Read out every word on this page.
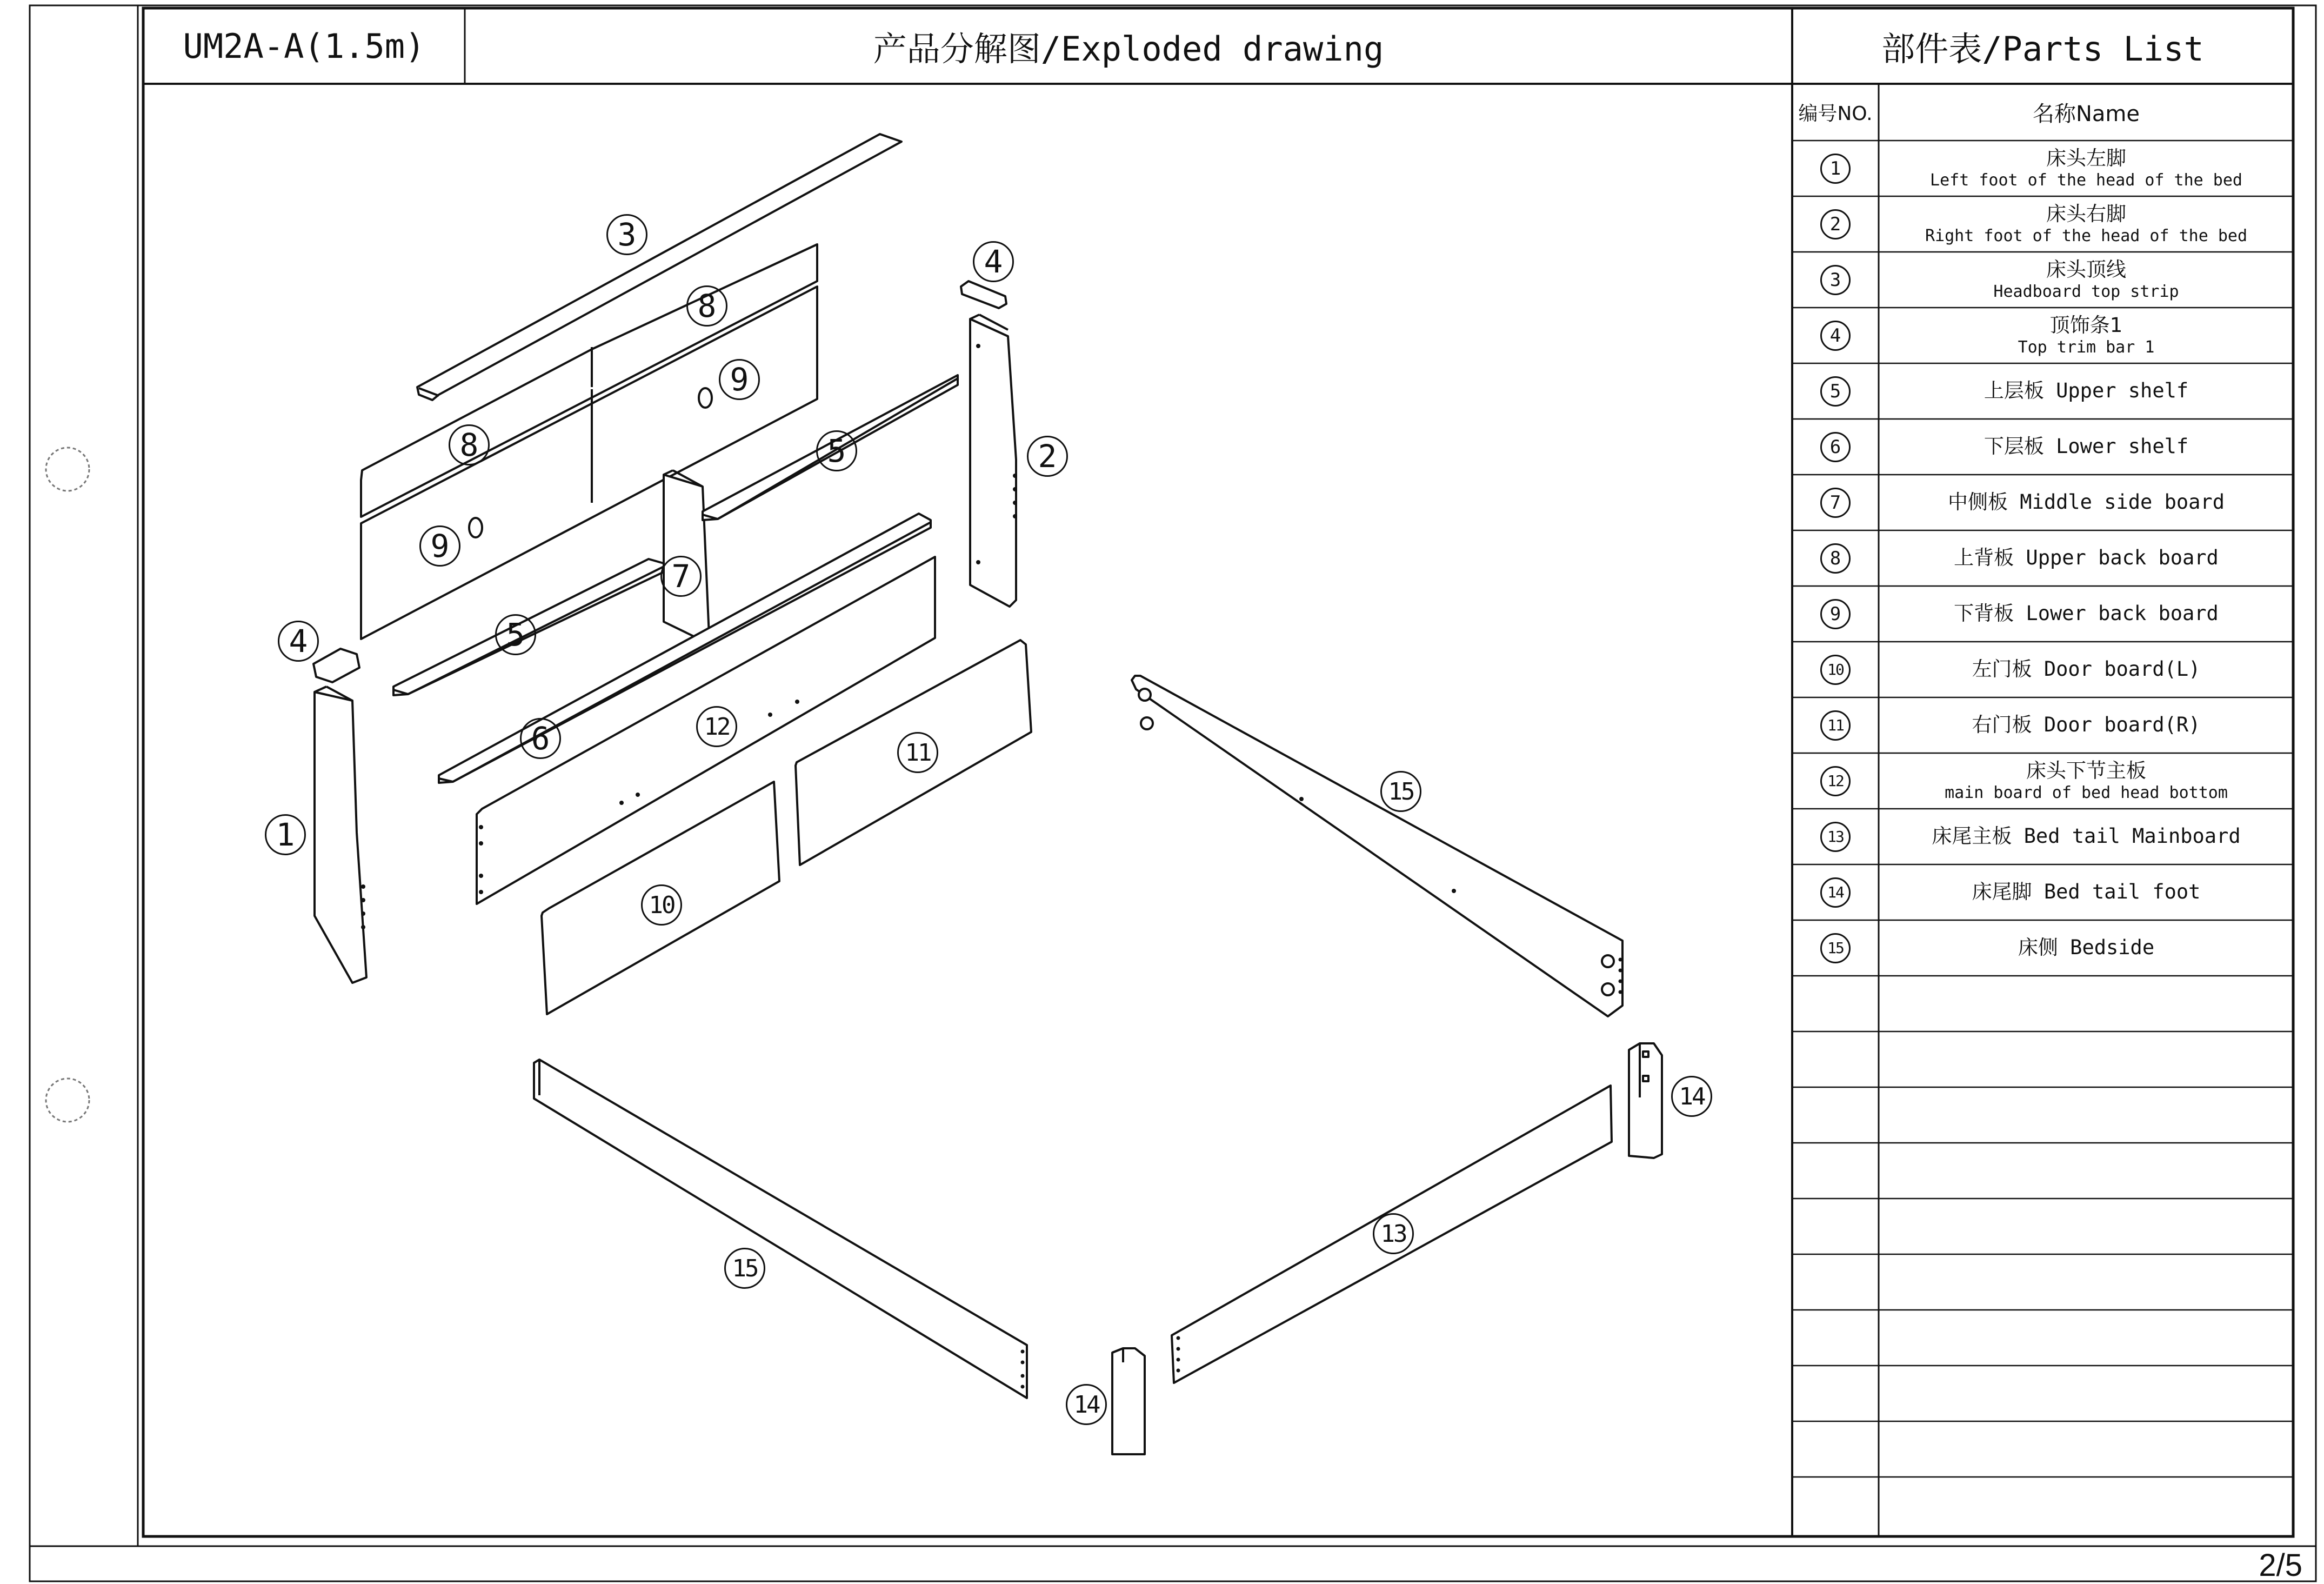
UM2A-A(1.5m)	产品分解图/Exploded drawing	部件表/Parts List
编号NO.	名称Name
1	床头左脚
Left foot of the head of the bed
2	床头右脚
Right foot of the head of the bed
3	床头顶线
Headboard top strip
4	顶饰条1
Top trim bar 1
5	上层板 Upper shelf
6	下层板 Lower shelf
7	中侧板 Middle side board
8	上背板 Upper back board
9	下背板 Lower back board
10	左门板 Door board(L)
11	右门板 Door board(R)
12	床头下节主板
main board of bed head bottom
13	床尾主板 Bed tail Mainboard
14	床尾脚 Bed tail foot
15	床侧 Bedside
3
8
9
8
9
4
2
5
7
5
4
6	12
11
1
10
15
14
13
15
14
2/5
